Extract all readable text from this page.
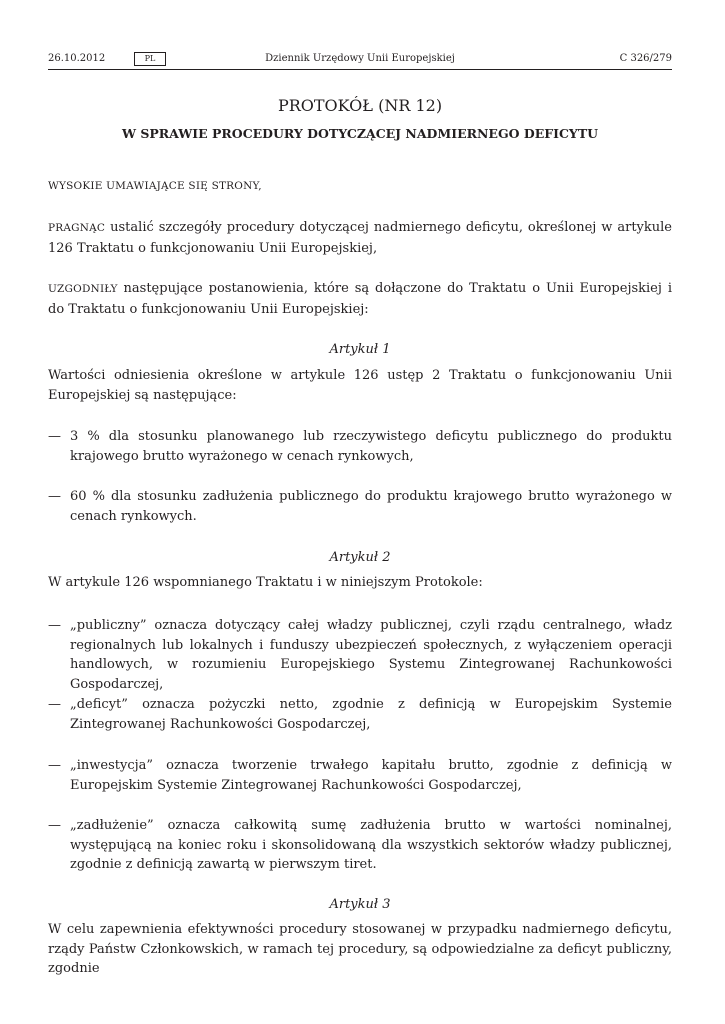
26.10.2012	PL	Dziennik Urzędowy Unii Europejskiej	C 326/279
PROTOKÓŁ (NR 12)
W SPRAWIE PROCEDURY DOTYCZĄCEJ NADMIERNEGO DEFICYTU
WYSOKIE UMAWIAJĄCE SIĘ STRONY,
PRAGNĄC ustalić szczegóły procedury dotyczącej nadmiernego deficytu, określonej w artykule 126 Traktatu o funkcjonowaniu Unii Europejskiej,
UZGODNIŁY następujące postanowienia, które są dołączone do Traktatu o Unii Europejskiej i do Traktatu o funkcjonowaniu Unii Europejskiej:
Artykuł 1
Wartości odniesienia określone w artykule 126 ustęp 2 Traktatu o funkcjonowaniu Unii Europejskiej są następujące:
— 3 % dla stosunku planowanego lub rzeczywistego deficytu publicznego do produktu krajowego brutto wyrażonego w cenach rynkowych,
— 60 % dla stosunku zadłużenia publicznego do produktu krajowego brutto wyrażonego w cenach rynkowych.
Artykuł 2
W artykule 126 wspomnianego Traktatu i w niniejszym Protokole:
— „publiczny” oznacza dotyczący całej władzy publicznej, czyli rządu centralnego, władz regionalnych lub lokalnych i funduszy ubezpieczeń społecznych, z wyłączeniem operacji handlowych, w rozumieniu Europejskiego Systemu Zintegrowanej Rachunkowości Gospodarczej,
— „deficyt” oznacza pożyczki netto, zgodnie z definicją w Europejskim Systemie Zintegrowanej Rachunkowości Gospodarczej,
— „inwestycja” oznacza tworzenie trwałego kapitału brutto, zgodnie z definicją w Europejskim Systemie Zintegrowanej Rachunkowości Gospodarczej,
— „zadłużenie” oznacza całkowitą sumę zadłużenia brutto w wartości nominalnej, występującą na koniec roku i skonsolidowaną dla wszystkich sektorów władzy publicznej, zgodnie z definicją zawartą w pierwszym tiret.
Artykuł 3
W celu zapewnienia efektywności procedury stosowanej w przypadku nadmiernego deficytu, rządy Państw Członkowskich, w ramach tej procedury, są odpowiedzialne za deficyt publiczny, zgodnie
